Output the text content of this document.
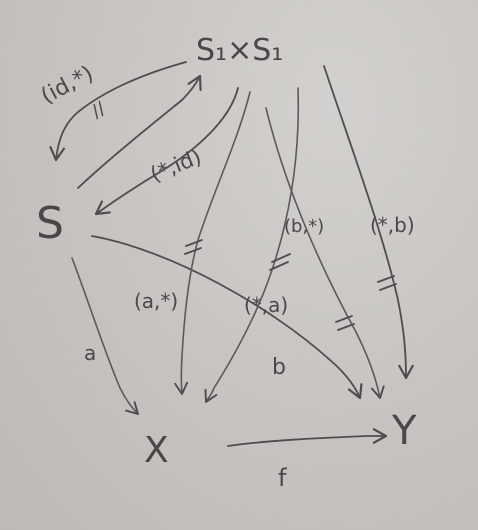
S₁×S₁
S
X	Y
(id,*)
//
(*,id)
a
b
(a,*)	(*,a)
(b,*) (*,b)
f
